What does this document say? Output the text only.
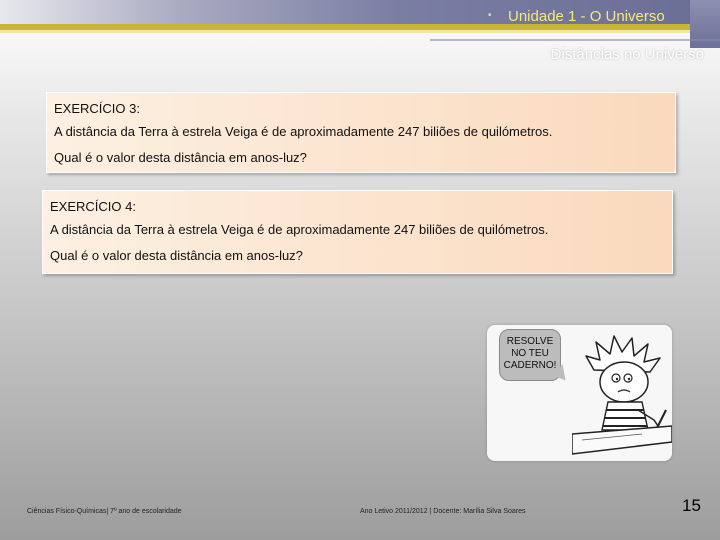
• Unidade 1 - O Universo
Distâncias no Universo

EXERCÍCIO 3:

A distância da Terra à estrela Veiga é de aproximadamente 247 biliões de quilómetros.

Qual é o valor desta distância em anos-luz?

EXERCÍCIO 4:

A distância da Terra à estrela Veiga é de aproximadamente 247 biliões de quilómetros.

Qual é o valor desta distância em anos-luz?

RESOLVE
NO TEU
CADERNO!
Ciências Físico-Químicas| 7º ano de escolaridade	Ano Letivo 2011/2012 | Docente: Marília Silva Soares	15
